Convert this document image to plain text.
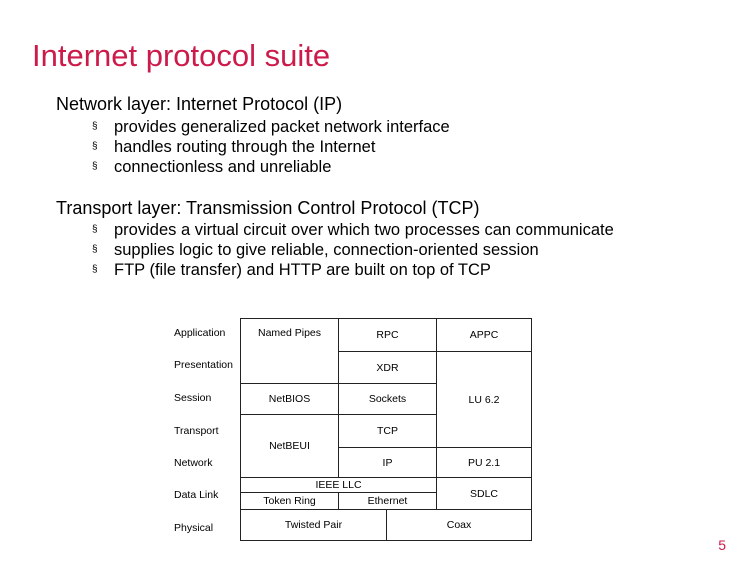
Internet protocol suite
Network layer: Internet Protocol (IP)
§ provides generalized packet network interface
§ handles routing through the Internet
§ connectionless and unreliable
Transport layer: Transmission Control Protocol (TCP)
§ provides a virtual circuit over which two processes can communicate
§ supplies logic to give reliable, connection-oriented session
§ FTP (file transfer) and HTTP are built on top of TCP
Application
Presentation
Session
Transport
Network
Data Link
Physical
APPC
LU 6.2
PU 2.1
SDLC
RPC
XDR
Sockets
TCP
IP
Named Pipes
NetBIOS
NetBEUI
IEEE LLC
Token Ring	Ethernet
Twisted Pair	Coax
5
